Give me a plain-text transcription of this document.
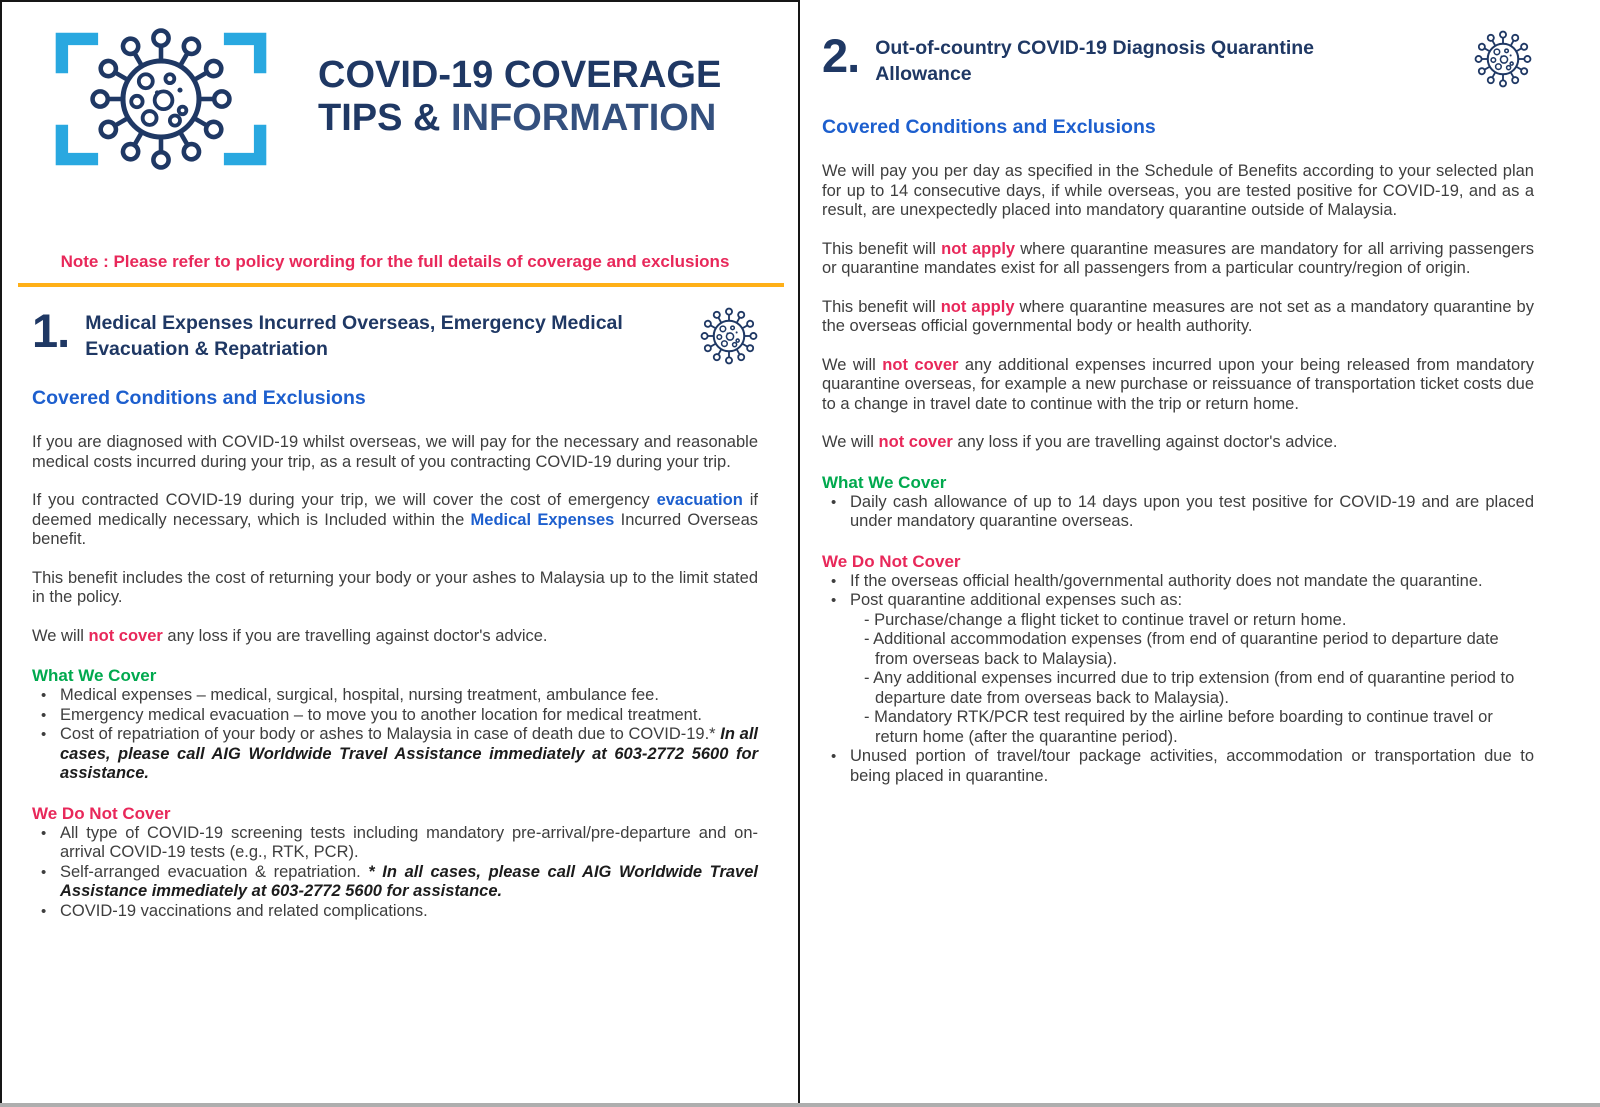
COVID-19 COVERAGE
TIPS & INFORMATION
Note : Please refer to policy wording for the full details of coverage and exclusions
1. Medical Expenses Incurred Overseas, Emergency Medical Evacuation & Repatriation
Covered Conditions and Exclusions

If you are diagnosed with COVID-19 whilst overseas, we will pay for the necessary and reasonable medical costs incurred during your trip, as a result of you contracting COVID-19 during your trip.

If you contracted COVID-19 during your trip, we will cover the cost of emergency evacuation if deemed medically necessary, which is Included within the Medical Expenses Incurred Overseas benefit.

This benefit includes the cost of returning your body or your ashes to Malaysia up to the limit stated in the policy.

We will not cover any loss if you are travelling against doctor's advice.

What We Cover
• Medical expenses – medical, surgical, hospital, nursing treatment, ambulance fee.
• Emergency medical evacuation – to move you to another location for medical treatment.
• Cost of repatriation of your body or ashes to Malaysia in case of death due to COVID-19.* In all cases, please call AIG Worldwide Travel Assistance immediately at 603-2772 5600 for assistance.
We Do Not Cover
• All type of COVID-19 screening tests including mandatory pre-arrival/pre-departure and on-arrival COVID-19 tests (e.g., RTK, PCR).
• Self-arranged evacuation & repatriation. * In all cases, please call AIG Worldwide Travel Assistance immediately at 603-2772 5600 for assistance.
• COVID-19 vaccinations and related complications.
2. Out-of-country COVID-19 Diagnosis Quarantine Allowance
Covered Conditions and Exclusions

We will pay you per day as specified in the Schedule of Benefits according to your selected plan for up to 14 consecutive days, if while overseas, you are tested positive for COVID-19, and as a result, are unexpectedly placed into mandatory quarantine outside of Malaysia.

This benefit will not apply where quarantine measures are mandatory for all arriving passengers or quarantine mandates exist for all passengers from a particular country/region of origin.

This benefit will not apply where quarantine measures are not set as a mandatory quarantine by the overseas official governmental body or health authority.

We will not cover any additional expenses incurred upon your being released from mandatory quarantine overseas, for example a new purchase or reissuance of transportation ticket costs due to a change in travel date to continue with the trip or return home.

We will not cover any loss if you are travelling against doctor's advice.

What We Cover
• Daily cash allowance of up to 14 days upon you test positive for COVID-19 and are placed under mandatory quarantine overseas.
We Do Not Cover
• If the overseas official health/governmental authority does not mandate the quarantine.
• Post quarantine additional expenses such as:
- Purchase/change a flight ticket to continue travel or return home.
- Additional accommodation expenses (from end of quarantine period to departure date from overseas back to Malaysia).
- Any additional expenses incurred due to trip extension (from end of quarantine period to departure date from overseas back to Malaysia).
- Mandatory RTK/PCR test required by the airline before boarding to continue travel or return home (after the quarantine period).
• Unused portion of travel/tour package activities, accommodation or transportation due to being placed in quarantine.
